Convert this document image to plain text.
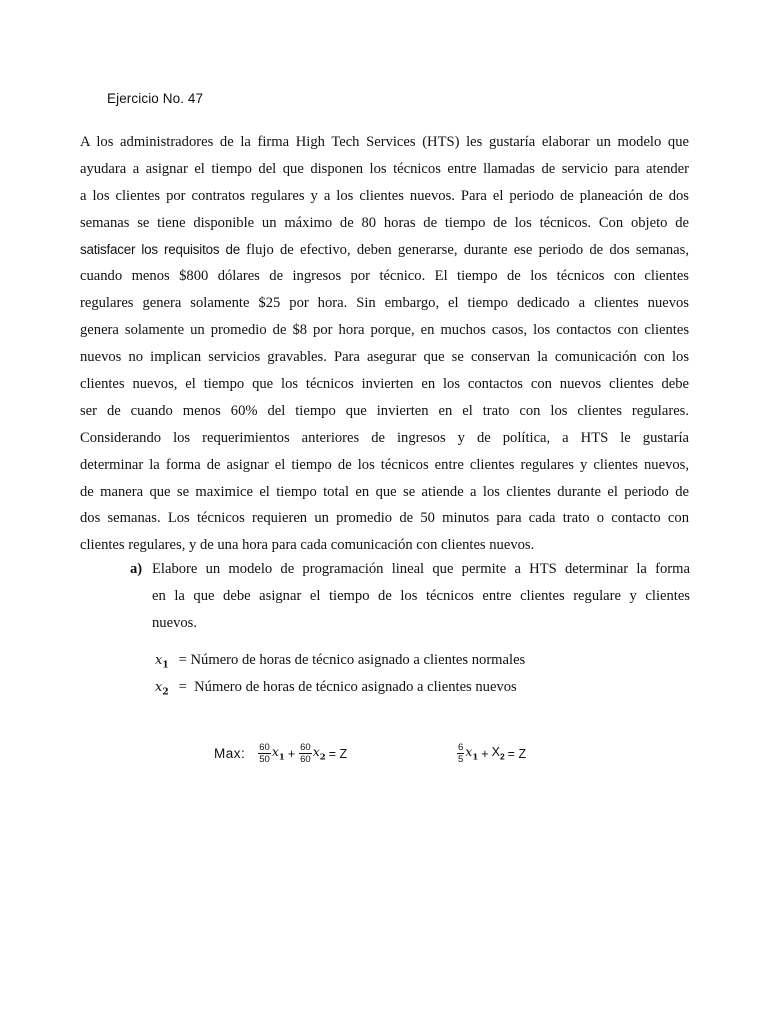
Ejercicio No. 47
A los administradores de la firma High Tech Services (HTS) les gustaría elaborar un modelo que
ayudara a asignar el tiempo del que disponen los técnicos entre llamadas de servicio para atender
a los clientes por contratos regulares y a los clientes nuevos. Para el periodo de planeación de dos
semanas se tiene disponible un máximo de 80 horas de tiempo de los técnicos. Con objeto de
satisfacer los requisitos de flujo de efectivo, deben generarse, durante ese periodo de dos semanas,
cuando menos $800 dólares de ingresos por técnico. El tiempo de los técnicos con clientes
regulares genera solamente $25 por hora. Sin embargo, el tiempo dedicado a clientes nuevos
genera solamente un promedio de $8 por hora porque, en muchos casos, los contactos con clientes
nuevos no implican servicios gravables. Para asegurar que se conservan la comunicación con los
clientes nuevos, el tiempo que los técnicos invierten en los contactos con nuevos clientes debe
ser de cuando menos 60% del tiempo que invierten en el trato con los clientes regulares.
Considerando los requerimientos anteriores de ingresos y de política, a HTS le gustaría
determinar la forma de asignar el tiempo de los técnicos entre clientes regulares y clientes nuevos,
de manera que se maximice el tiempo total en que se atiende a los clientes durante el periodo de
dos semanas. Los técnicos requieren un promedio de 50 minutos para cada trato o contacto con
clientes regulares, y de una hora para cada comunicación con clientes nuevos.
a) Elabore un modelo de programación lineal que permite a HTS determinar la forma
en la que debe asignar el tiempo de los técnicos entre clientes regulare y clientes
nuevos.
$x_1$ = Número de horas de técnico asignado a clientes normales
$x_2$ = Número de horas de técnico asignado a clientes nuevos
Max: $\frac{60}{50} x_1 + \frac{60}{60} x_2 = Z$	$\frac{6}{5} x_1 + X_2 = Z$
